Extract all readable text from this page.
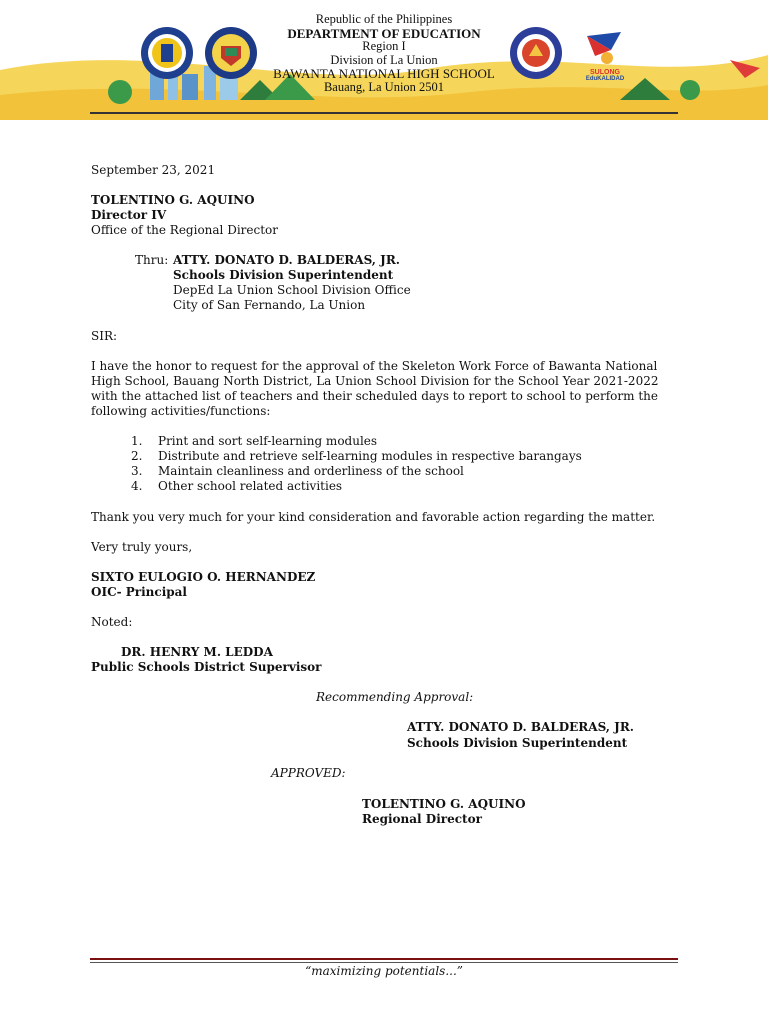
SULONG
EduKALIDAD
Republic of the Philippines
DEPARTMENT OF EDUCATION
Region I
Division of La Union
BAWANTA NATIONAL HIGH SCHOOL
Bauang, La Union 2501
September 23, 2021
TOLENTINO G. AQUINO
Director IV
Office of the Regional Director
Thru: ATTY. DONATO D. BALDERAS, JR.
Schools Division Superintendent
DepEd La Union School Division Office
City of San Fernando, La Union
SIR:
I have the honor to request for the approval of the Skeleton Work Force of Bawanta National High School, Bauang North District, La Union School Division for the School Year 2021-2022 with the attached list of teachers and their scheduled days to report to school to perform the following activities/functions:
1. Print and sort self-learning modules
2. Distribute and retrieve self-learning modules in respective barangays
3. Maintain cleanliness and orderliness of the school
4. Other school related activities
Thank you very much for your kind consideration and favorable action regarding the matter.
Very truly yours,
SIXTO EULOGIO O. HERNANDEZ
OIC- Principal
Noted:
DR. HENRY M. LEDDA
Public Schools District Supervisor
Recommending Approval:
ATTY. DONATO D. BALDERAS, JR.
Schools Division Superintendent
APPROVED:
TOLENTINO G. AQUINO
Regional Director
“maximizing potentials...”
